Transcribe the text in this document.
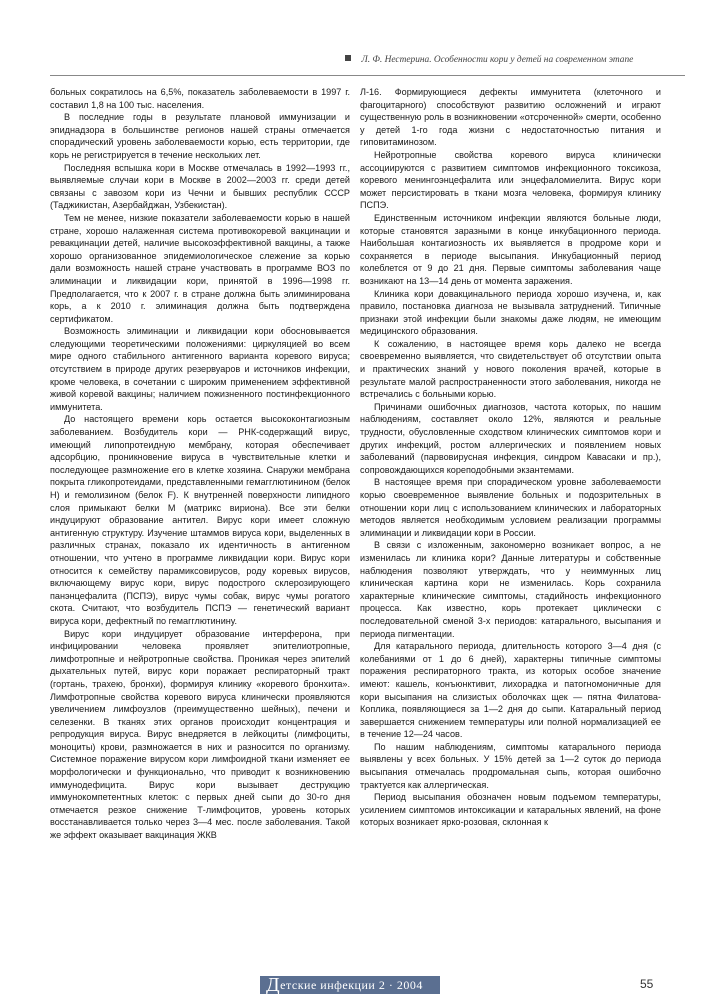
Л. Ф. Нестерина. Особенности кори у детей на современном этапе

больных сократилось на 6,5%, показатель заболеваемости в 1997 г. составил 1,8 на 100 тыс. населения.

В последние годы в результате плановой иммунизации и эпиднадзора в большинстве регионов нашей страны отмечается спорадический уровень заболеваемости корью, есть территории, где корь не регистрируется в течение нескольких лет.

Последняя вспышка кори в Москве отмечалась в 1992—1993 гг., выявляемые случаи кори в Москве в 2002—2003 гг. среди детей связаны с завозом кори из Чечни и бывших республик СССР (Таджикистан, Азербайджан, Узбекистан).

Тем не менее, низкие показатели заболеваемости корью в нашей стране, хорошо налаженная система противокоревой вакцинации и ревакцинации детей, наличие высокоэффективной вакцины, а также хорошо организованное эпидемиологическое слежение за корью дали возможность нашей стране участвовать в программе ВОЗ по элиминации и ликвидации кори, принятой в 1996—1998 гг. Предполагается, что к 2007 г. в стране должна быть элиминирована корь, а к 2010 г. элиминация должна быть подтверждена сертификатом.

Возможность элиминации и ликвидации кори обосновывается следующими теоретическими положениями: циркуляцией во всем мире одного стабильного антигенного варианта коревого вируса; отсутствием в природе других резервуаров и источников инфекции, кроме человека, в сочетании с широким применением эффективной живой коревой вакцины; наличием пожизненного постинфекционного иммунитета.

До настоящего времени корь остается высококонтагиозным заболеванием. Возбудитель кори — РНК-содержащий вирус, имеющий липопротеидную мембрану, которая обеспечивает адсорбцию, проникновение вируса в чувствительные клетки и последующее размножение его в клетке хозяина. Снаружи мембрана покрыта гликопротеидами, представленными гемагглютинином (белок Н) и гемолизином (белок F). К внутренней поверхности липидного слоя примыкают белки М (матрикс вириона). Все эти белки индуцируют образование антител. Вирус кори имеет сложную антигенную структуру. Изучение штаммов вируса кори, выделенных в различных странах, показало их идентичность в антигенном отношении, что учтено в программе ликвидации кори. Вирус кори относится к семейству парамиксовирусов, роду коревых вирусов, включающему вирус кори, вирус подострого склерозирующего панэнцефалита (ПСПЭ), вирус чумы собак, вирус чумы рогатого скота. Считают, что возбудитель ПСПЭ — генетический вариант вируса кори, дефектный по гемагглютинину.

Вирус кори индуцирует образование интерферона, при инфицировании человека проявляет эпителиотропные, лимфотропные и нейротропные свойства. Проникая через эпителий дыхательных путей, вирус кори поражает респираторный тракт (гортань, трахею, бронхи), формируя клинику «коревого бронхита». Лимфотропные свойства коревого вируса клинически проявляются увеличением лимфоузлов (преимущественно шейных), печени и селезенки. В тканях этих органов происходит концентрация и репродукция вируса. Вирус внедряется в лейкоциты (лимфоциты, моноциты) крови, размножается в них и разносится по организму. Системное поражение вирусом кори лимфоидной ткани изменяет ее морфологически и функционально, что приводит к возникновению иммунодефицита. Вирус кори вызывает деструкцию иммунокомпетентных клеток: с первых дней сыпи до 30-го дня отмечается резкое снижение Т-лимфоцитов, уровень которых восстанавливается только через 3—4 мес. после заболевания. Такой же эффект оказывает вакцинация ЖКВ

Л-16. Формирующиеся дефекты иммунитета (клеточного и фагоцитарного) способствуют развитию осложнений и играют существенную роль в возникновении «отсроченной» смерти, особенно у детей 1-го года жизни с недостаточностью питания и гиповитаминозом.

Нейротропные свойства коревого вируса клинически ассоциируются с развитием симптомов инфекционного токсикоза, коревого менингоэнцефалита или энцефаломиелита. Вирус кори может персистировать в ткани мозга человека, формируя клинику ПСПЭ.

Единственным источником инфекции являются больные люди, которые становятся заразными в конце инкубационного периода. Наибольшая контагиозность их выявляется в продроме кори и сохраняется в периоде высыпания. Инкубационный период колеблется от 9 до 21 дня. Первые симптомы заболевания чаще возникают на 13—14 день от момента заражения.

Клиника кори довакцинального периода хорошо изучена, и, как правило, постановка диагноза не вызывала затруднений. Типичные признаки этой инфекции были знакомы даже людям, не имеющим медицинского образования.

К сожалению, в настоящее время корь далеко не всегда своевременно выявляется, что свидетельствует об отсутствии опыта и практических знаний у нового поколения врачей, которые в результате малой распространенности этого заболевания, никогда не встречались с больными корью.

Причинами ошибочных диагнозов, частота которых, по нашим наблюдениям, составляет около 12%, являются и реальные трудности, обусловленные сходством клинических симптомов кори и других инфекций, ростом аллергических и появлением новых заболеваний (парвовирусная инфекция, синдром Кавасаки и пр.), сопровождающихся кореподобными экзантемами.

В настоящее время при спорадическом уровне заболеваемости корью своевременное выявление больных и подозрительных в отношении кори лиц с использованием клинических и лабораторных методов является необходимым условием реализации программы элиминации и ликвидации кори в России.

В связи с изложенным, закономерно возникает вопрос, а не изменилась ли клиника кори? Данные литературы и собственные наблюдения позволяют утверждать, что у неиммунных лиц клиническая картина кори не изменилась. Корь сохранила характерные клинические симптомы, стадийность инфекционного процесса. Как известно, корь протекает циклически с последовательной сменой 3-х периодов: катарального, высыпания и периода пигментации.

Для катарального периода, длительность которого 3—4 дня (с колебаниями от 1 до 6 дней), характерны типичные симптомы поражения респираторного тракта, из которых особое значение имеют: кашель, конъюнктивит, лихорадка и патогномоничные для кори высыпания на слизистых оболочках щек — пятна Филатова-Коплика, появляющиеся за 1—2 дня до сыпи. Катаральный период завершается снижением температуры или полной нормализацией ее в течение 12—24 часов.

По нашим наблюдениям, симптомы катарального периода выявлены у всех больных. У 15% детей за 1—2 суток до периода высыпания отмечалась продромальная сыпь, которая ошибочно трактуется как аллергическая.

Период высыпания обозначен новым подъемом температуры, усилением симптомов интоксикации и катаральных явлений, на фоне которых возникает ярко-розовая, склонная к

Детские инфекции 2 · 2004	55
